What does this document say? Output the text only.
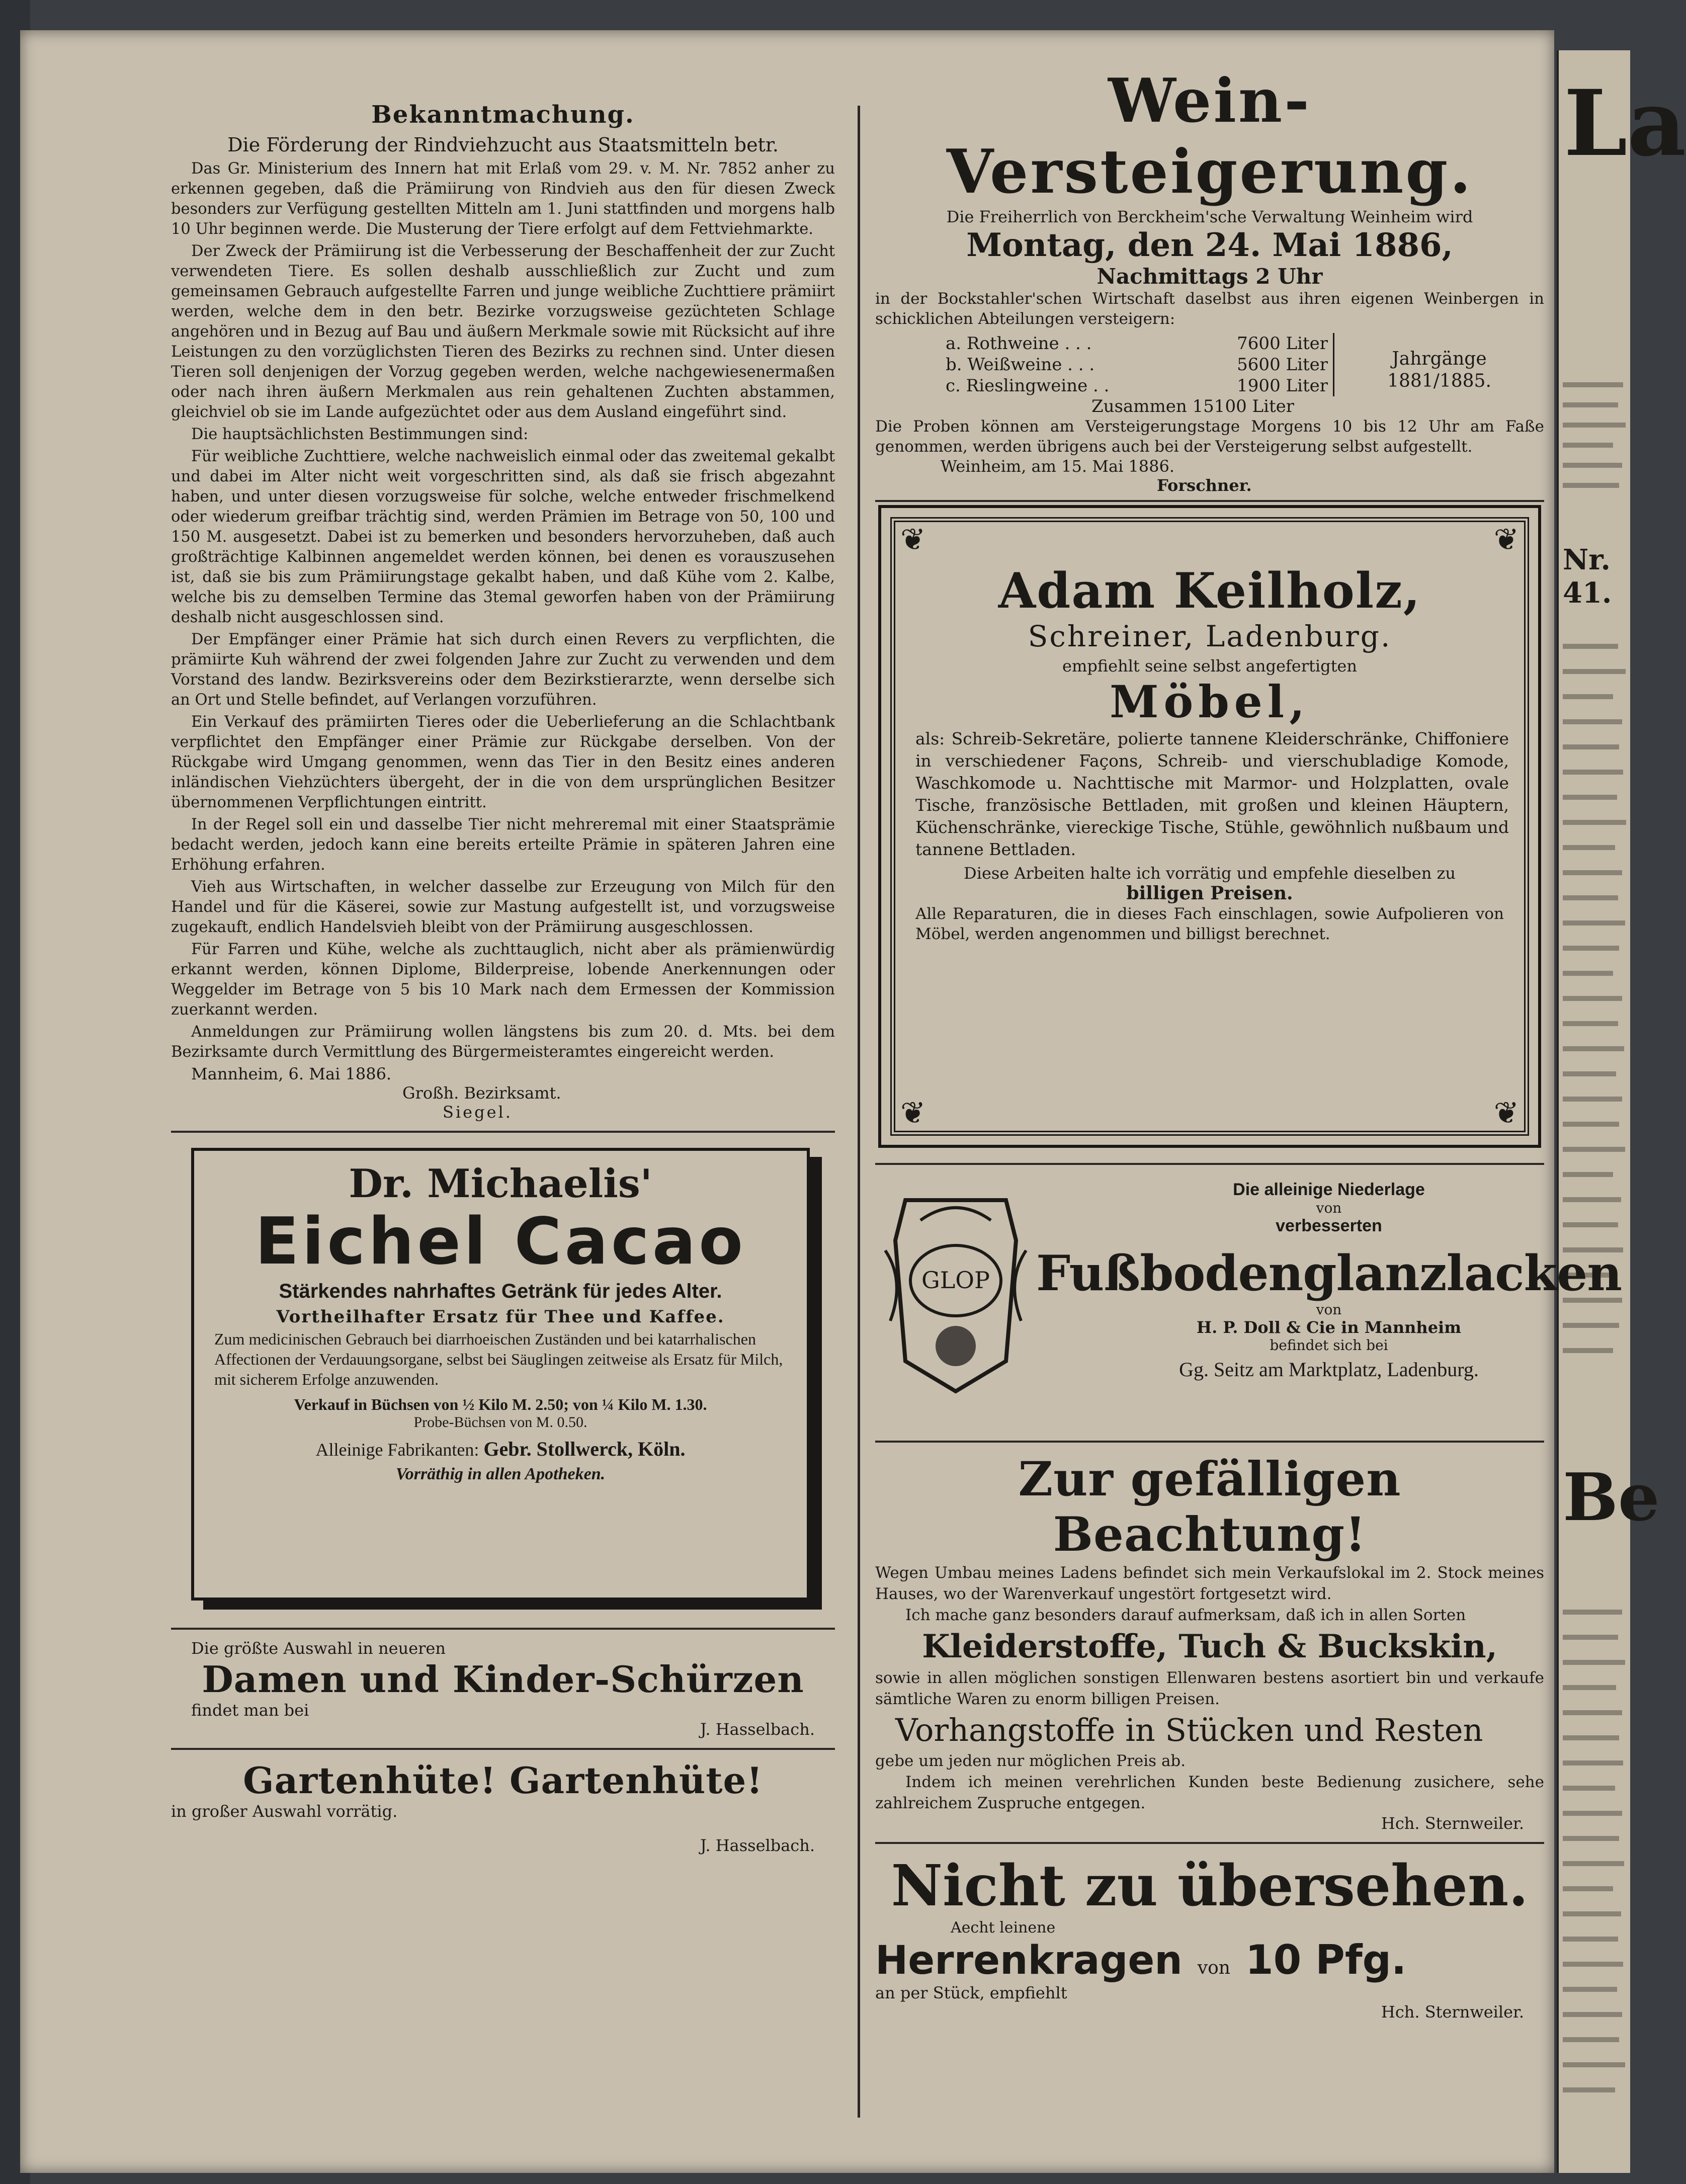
La
Nr. 41.
Be
Bekanntmachung.
Die Förderung der Rindviehzucht aus Staatsmitteln betr.

Das Gr. Ministerium des Innern hat mit Erlaß vom 29. v. M. Nr. 7852 anher zu erkennen gegeben, daß die Prämiirung von Rindvieh aus den für diesen Zweck besonders zur Verfügung gestellten Mitteln am 1. Juni stattfinden und morgens halb 10 Uhr beginnen werde. Die Musterung der Tiere erfolgt auf dem Fettviehmarkte.

Der Zweck der Prämiirung ist die Verbesserung der Beschaffenheit der zur Zucht verwendeten Tiere. Es sollen deshalb ausschließlich zur Zucht und zum gemeinsamen Gebrauch aufgestellte Farren und junge weibliche Zuchttiere prämiirt werden, welche dem in den betr. Bezirke vorzugsweise gezüchteten Schlage angehören und in Bezug auf Bau und äußern Merkmale sowie mit Rücksicht auf ihre Leistungen zu den vorzüglichsten Tieren des Bezirks zu rechnen sind. Unter diesen Tieren soll denjenigen der Vorzug gegeben werden, welche nachgewiesenermaßen oder nach ihren äußern Merkmalen aus rein gehaltenen Zuchten abstammen, gleichviel ob sie im Lande aufgezüchtet oder aus dem Ausland eingeführt sind.

Die hauptsächlichsten Bestimmungen sind:

Für weibliche Zuchttiere, welche nachweislich einmal oder das zweitemal gekalbt und dabei im Alter nicht weit vorgeschritten sind, als daß sie frisch abgezahnt haben, und unter diesen vorzugsweise für solche, welche entweder frischmelkend oder wiederum greifbar trächtig sind, werden Prämien im Betrage von 50, 100 und 150 M. ausgesetzt. Dabei ist zu bemerken und besonders hervorzuheben, daß auch großträchtige Kalbinnen angemeldet werden können, bei denen es vorauszusehen ist, daß sie bis zum Prämiirungstage gekalbt haben, und daß Kühe vom 2. Kalbe, welche bis zu demselben Termine das 3temal geworfen haben von der Prämiirung deshalb nicht ausgeschlossen sind.

Der Empfänger einer Prämie hat sich durch einen Revers zu verpflichten, die prämiirte Kuh während der zwei folgenden Jahre zur Zucht zu verwenden und dem Vorstand des landw. Bezirksvereins oder dem Bezirkstierarzte, wenn derselbe sich an Ort und Stelle befindet, auf Verlangen vorzuführen.

Ein Verkauf des prämiirten Tieres oder die Ueberlieferung an die Schlachtbank verpflichtet den Empfänger einer Prämie zur Rückgabe derselben. Von der Rückgabe wird Umgang genommen, wenn das Tier in den Besitz eines anderen inländischen Viehzüchters übergeht, der in die von dem ursprünglichen Besitzer übernommenen Verpflichtungen eintritt.

In der Regel soll ein und dasselbe Tier nicht mehreremal mit einer Staatsprämie bedacht werden, jedoch kann eine bereits erteilte Prämie in späteren Jahren eine Erhöhung erfahren.

Vieh aus Wirtschaften, in welcher dasselbe zur Erzeugung von Milch für den Handel und für die Käserei, sowie zur Mastung aufgestellt ist, und vorzugsweise zugekauft, endlich Handelsvieh bleibt von der Prämiirung ausgeschlossen.

Für Farren und Kühe, welche als zuchttauglich, nicht aber als prämienwürdig erkannt werden, können Diplome, Bilderpreise, lobende Anerkennungen oder Weggelder im Betrage von 5 bis 10 Mark nach dem Ermessen der Kommission zuerkannt werden.

Anmeldungen zur Prämiirung wollen längstens bis zum 20. d. Mts. bei dem Bezirksamte durch Vermittlung des Bürgermeisteramtes eingereicht werden.

Mannheim, 6. Mai 1886.
Großh. Bezirksamt.
Siegel.
Dr. Michaelis'
Eichel Cacao
Stärkendes nahrhaftes Getränk für jedes Alter.
Vortheilhafter Ersatz für Thee und Kaffee.
Zum medicinischen Gebrauch bei diarrhoeischen Zuständen und bei katarrhalischen Affectionen der Verdauungsorgane, selbst bei Säuglingen zeitweise als Ersatz für Milch, mit sicherem Erfolge anzuwenden.
Verkauf in Büchsen von ½ Kilo M. 2.50; von ¼ Kilo M. 1.30.
Probe-Büchsen von M. 0.50.
Alleinige Fabrikanten: Gebr. Stollwerck, Köln.
Vorräthig in allen Apotheken.
Die größte Auswahl in neueren
Damen und Kinder-Schürzen
findet man bei
J. Hasselbach.
Gartenhüte! Gartenhüte!
in großer Auswahl vorrätig.
J. Hasselbach.
Wein-Versteigerung.
Die Freiherrlich von Berckheim'sche Verwaltung Weinheim wird
Montag, den 24. Mai 1886,
Nachmittags 2 Uhr
in der Bockstahler'schen Wirtschaft daselbst aus ihren eigenen Weinbergen in schicklichen Abteilungen versteigern:
a. Rothweine . . .	7600 Liter
b. Weißweine . . .	5600 Liter
c. Rieslingweine . .	1900 Liter
Jahrgänge
1881/1885.
Zusammen 15100 Liter
Die Proben können am Versteigerungstage Morgens 10 bis 12 Uhr am Faße genommen, werden übrigens auch bei der Versteigerung selbst aufgestellt.
Weinheim, am 15. Mai 1886.
Forschner.
❦	❦
❦	❦
Adam Keilholz,
Schreiner, Ladenburg.
empfiehlt seine selbst angefertigten
Möbel,
als: Schreib-Sekretäre, polierte tannene Kleiderschränke, Chiffoniere in verschiedener Façons, Schreib- und vierschubladige Komode, Waschkomode u. Nachttische mit Marmor- und Holzplatten, ovale Tische, französische Bettladen, mit großen und kleinen Häuptern, Küchenschränke, viereckige Tische, Stühle, gewöhnlich nußbaum und tannene Bettladen.
Diese Arbeiten halte ich vorrätig und empfehle dieselben zu
billigen Preisen.
Alle Reparaturen, die in dieses Fach einschlagen, sowie Aufpolieren von Möbel, werden angenommen und billigst berechnet.
GLOP
Die alleinige Niederlage
von
verbesserten
Fußbodenglanzlacken
von
H. P. Doll & Cie in Mannheim
befindet sich bei
Gg. Seitz am Marktplatz, Ladenburg.
Zur gefälligen Beachtung!
Wegen Umbau meines Ladens befindet sich mein Verkaufslokal im 2. Stock meines Hauses, wo der Warenverkauf ungestört fortgesetzt wird.
Ich mache ganz besonders darauf aufmerksam, daß ich in allen Sorten
Kleiderstoffe, Tuch & Buckskin,
sowie in allen möglichen sonstigen Ellenwaren bestens asortiert bin und verkaufe sämtliche Waren zu enorm billigen Preisen.
Vorhangstoffe in Stücken und Resten
gebe um jeden nur möglichen Preis ab.
Indem ich meinen verehrlichen Kunden beste Bedienung zusichere, sehe zahlreichem Zuspruche entgegen.
Hch. Sternweiler.
Nicht zu übersehen.
Aecht leinene
Herrenkragen von 10 Pfg.
an per Stück, empfiehlt
Hch. Sternweiler.
